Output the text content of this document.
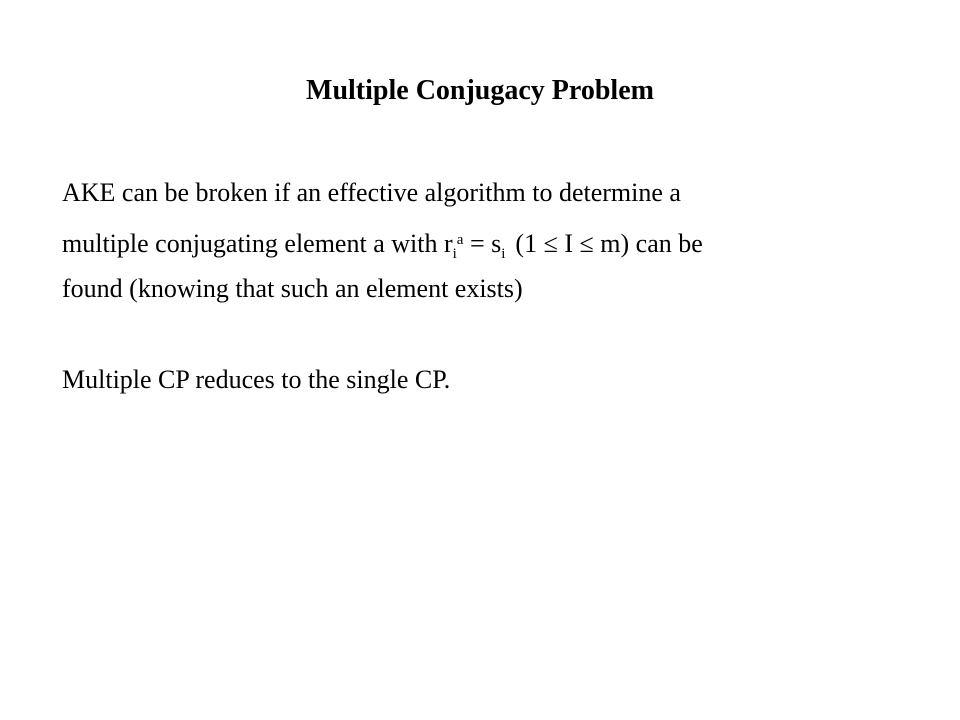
Multiple Conjugacy Problem
AKE can be broken if an effective algorithm to determine a
multiple conjugating element a with $r_i^a = s_i$ (1 ≤ I ≤ m) can be
found (knowing that such an element exists)
Multiple CP reduces to the single CP.
